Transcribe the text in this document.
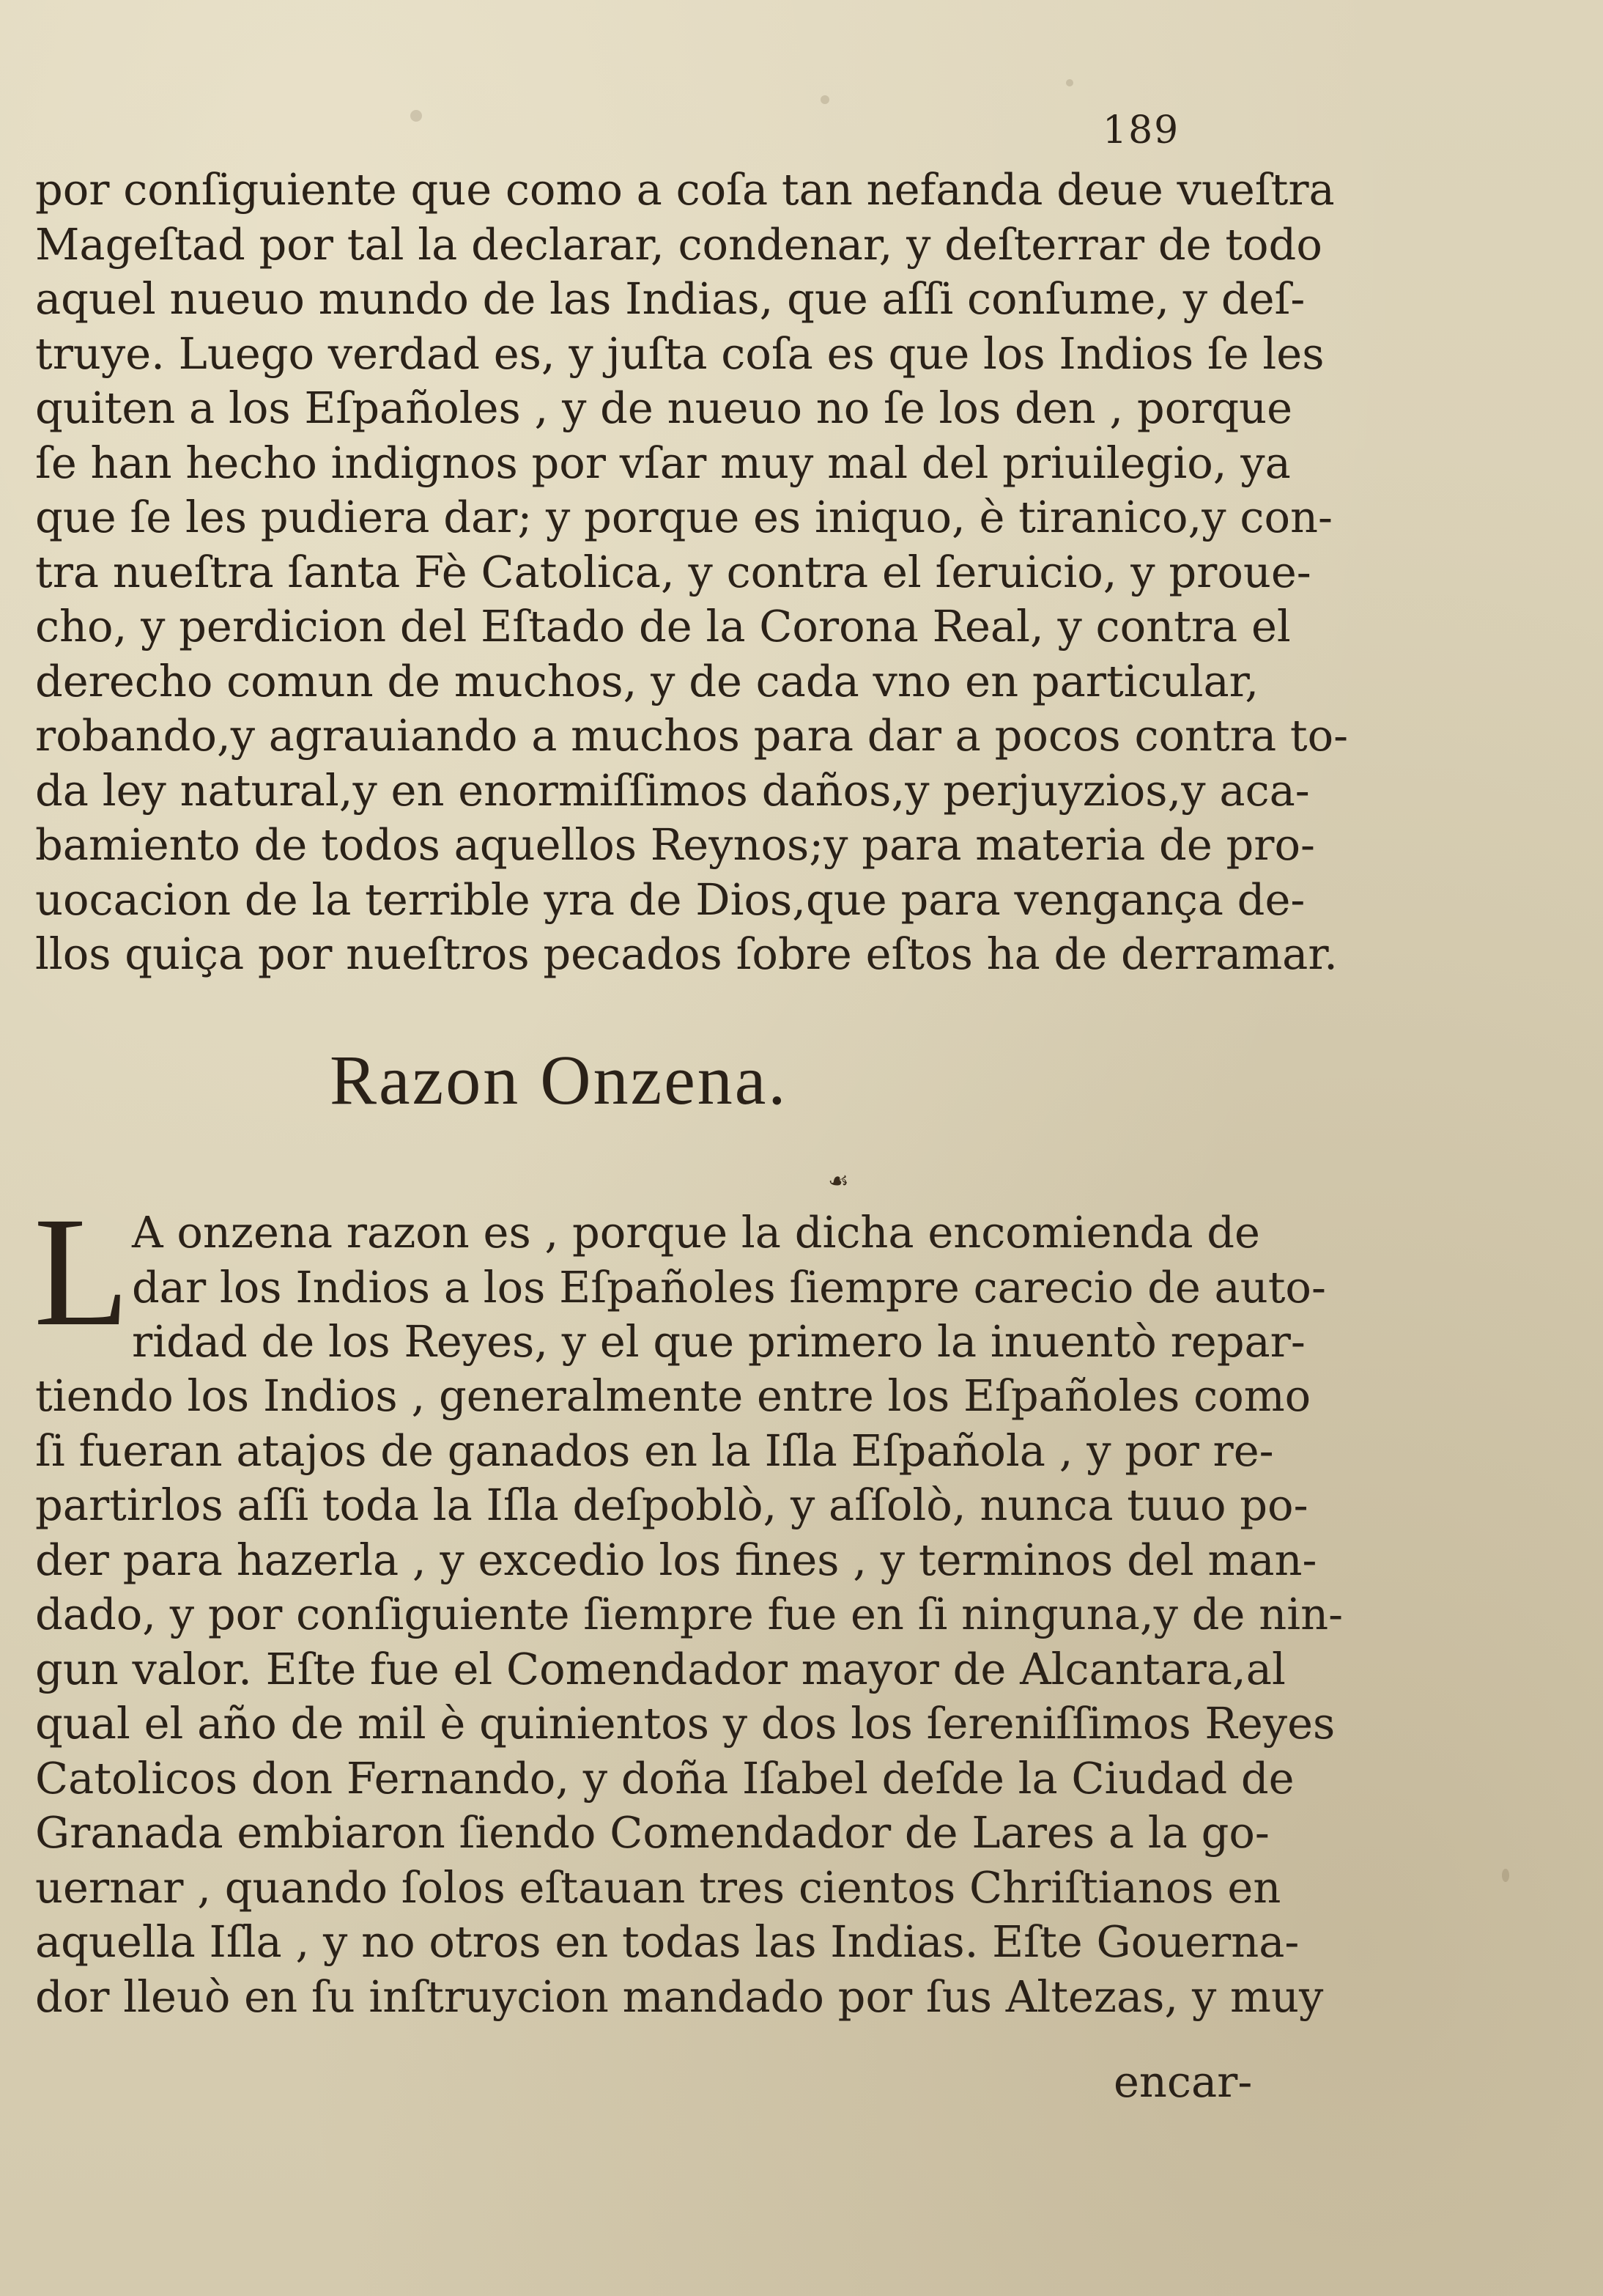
189
por conſiguiente que como a coſa tan nefanda deue vueſtra
Mageſtad por tal la declarar, condenar, y deſterrar de todo
aquel nueuo mundo de las Indias, que aſſi conſume, y deſ-
truye. Luego verdad es, y juſta coſa es que los Indios ſe les
quiten a los Eſpañoles , y de nueuo no ſe los den , porque
ſe han hecho indignos por vſar muy mal del priuilegio, ya
que ſe les pudiera dar; y porque es iniquo, è tiranico,y con-
tra nueſtra ſanta Fè Catolica, y contra el ſeruicio, y proue-
cho, y perdicion del Eſtado de la Corona Real, y contra el
derecho comun de muchos, y de cada vno en particular,
robando,y agrauiando a muchos para dar a pocos contra to-
da ley natural,y en enormiſſimos daños,y perjuyzios,y aca-
bamiento de todos aquellos Reynos;y para materia de pro-
uocacion de la terrible yra de Dios,que para vengança de-
llos quiça por nueſtros pecados ſobre eſtos ha de derramar.
Razon Onzena.
☙
L A onzena razon es , porque la dicha encomienda de
dar los Indios a los Eſpañoles ſiempre carecio de auto-
ridad de los Reyes, y el que primero la inuentò repar-
tiendo los Indios , generalmente entre los Eſpañoles como
ſi fueran atajos de ganados en la Iſla Eſpañola , y por re-
partirlos aſſi toda la Iſla deſpoblò, y aſſolò, nunca tuuo po-
der para hazerla , y excedio los fines , y terminos del man-
dado, y por conſiguiente ſiempre fue en ſi ninguna,y de nin-
gun valor. Eſte fue el Comendador mayor de Alcantara,al
qual el año de mil è quinientos y dos los ſereniſſimos Reyes
Catolicos don Fernando, y doña Iſabel deſde la Ciudad de
Granada embiaron ſiendo Comendador de Lares a la go-
uernar , quando ſolos eſtauan tres cientos Chriſtianos en
aquella Iſla , y no otros en todas las Indias. Eſte Gouerna-
dor lleuò en ſu inſtruycion mandado por ſus Altezas, y muy
encar-
